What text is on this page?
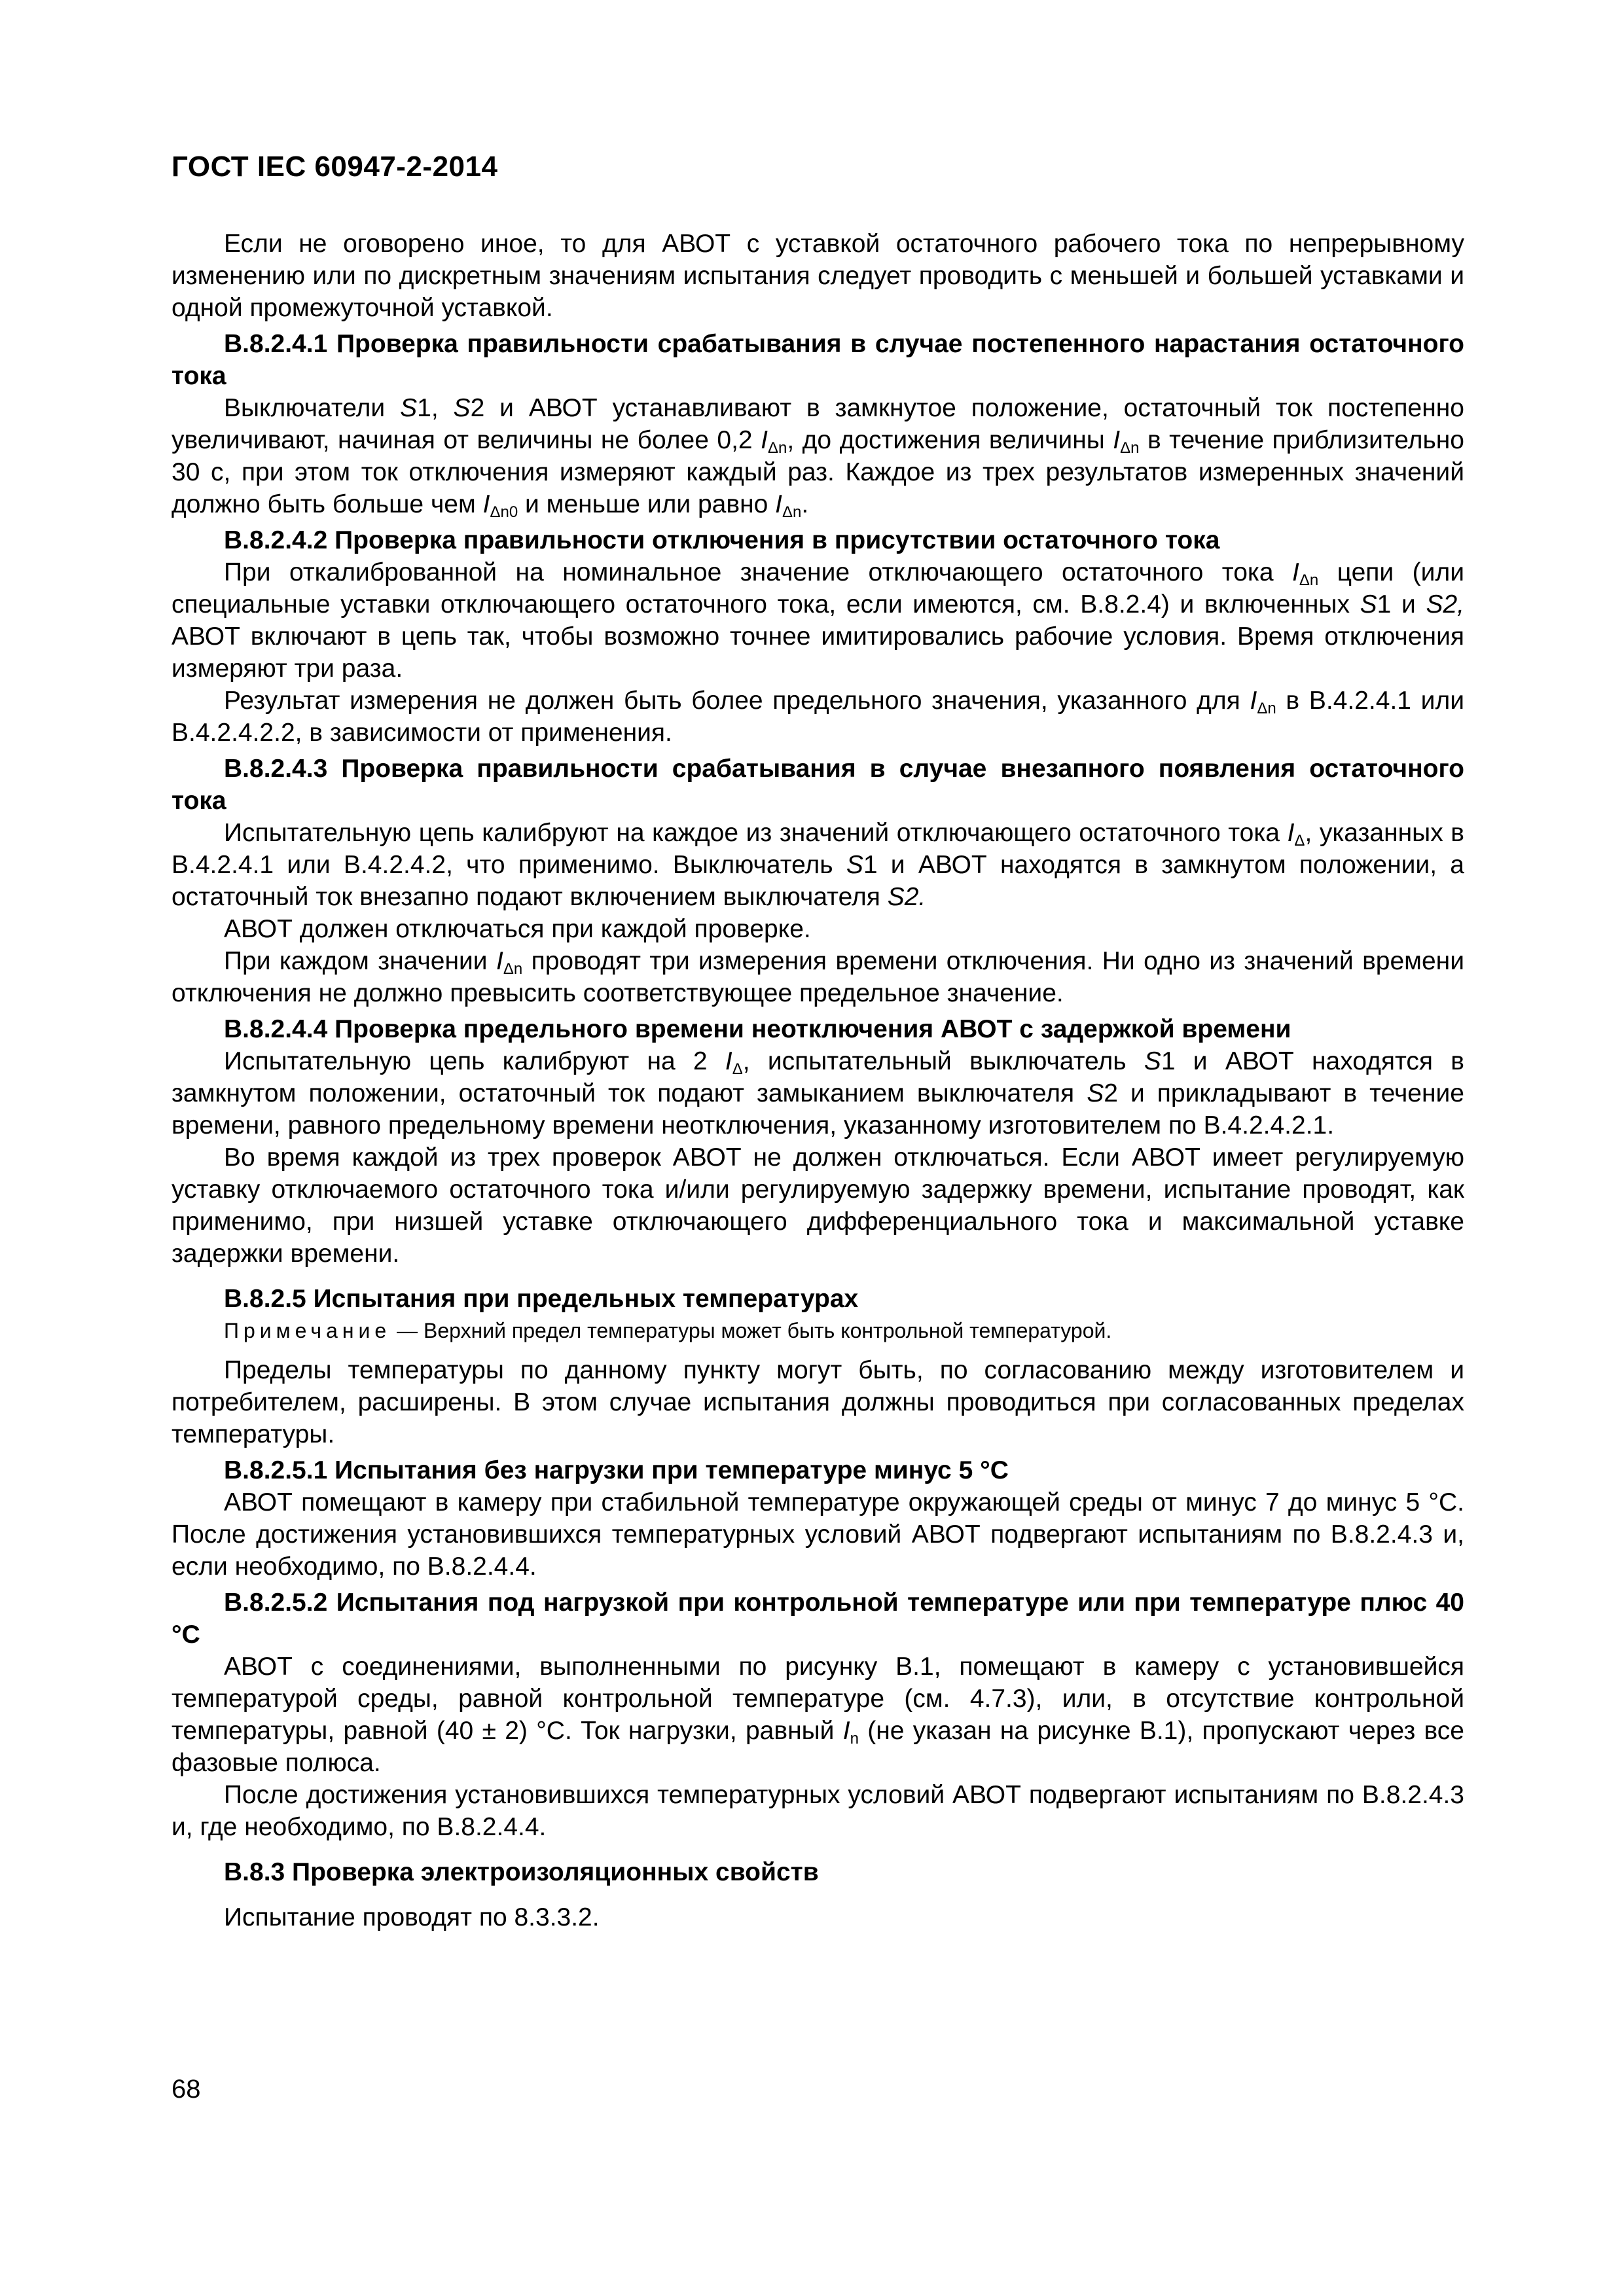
ГОСТ IEC 60947-2-2014

Если не оговорено иное, то для АВОТ с уставкой остаточного рабочего тока по непрерывному изменению или по дискретным значениям испытания следует проводить с меньшей и большей уставками и одной промежуточной уставкой.

В.8.2.4.1 Проверка правильности срабатывания в случае постепенного нарастания остаточного тока

Выключатели S1, S2 и АВОТ устанавливают в замкнутое положение, остаточный ток постепенно увеличивают, начиная от величины не более 0,2 $I_{\Delta n}$, до достижения величины $I_{\Delta n}$ в течение приблизительно 30 с, при этом ток отключения измеряют каждый раз. Каждое из трех результатов измеренных значений должно быть больше чем $I_{\Delta n0}$ и меньше или равно $I_{\Delta n}$.

В.8.2.4.2 Проверка правильности отключения в присутствии остаточного тока

При откалиброванной на номинальное значение отключающего остаточного тока $I_{\Delta n}$ цепи (или специальные уставки отключающего остаточного тока, если имеются, см. В.8.2.4) и включенных S1 и S2, АВОТ включают в цепь так, чтобы возможно точнее имитировались рабочие условия. Время отключения измеряют три раза.

Результат измерения не должен быть более предельного значения, указанного для $I_{\Delta n}$ в В.4.2.4.1 или В.4.2.4.2.2, в зависимости от применения.

В.8.2.4.3 Проверка правильности срабатывания в случае внезапного появления остаточного тока

Испытательную цепь калибруют на каждое из значений отключающего остаточного тока $I_\Delta$, указанных в В.4.2.4.1 или В.4.2.4.2, что применимо. Выключатель S1 и АВОТ находятся в замкнутом положении, а остаточный ток внезапно подают включением выключателя S2.

АВОТ должен отключаться при каждой проверке.

При каждом значении $I_{\Delta n}$ проводят три измерения времени отключения. Ни одно из значений времени отключения не должно превысить соответствующее предельное значение.

В.8.2.4.4 Проверка предельного времени неотключения АВОТ с задержкой времени

Испытательную цепь калибруют на 2 $I_\Delta$, испытательный выключатель S1 и АВОТ находятся в замкнутом положении, остаточный ток подают замыканием выключателя S2 и прикладывают в течение времени, равного предельному времени неотключения, указанному изготовителем по В.4.2.4.2.1.

Во время каждой из трех проверок АВОТ не должен отключаться. Если АВОТ имеет регулируемую уставку отключаемого остаточного тока и/или регулируемую задержку времени, испытание проводят, как применимо, при низшей уставке отключающего дифференциального тока и максимальной уставке задержки времени.

В.8.2.5 Испытания при предельных температурах

Примечание — Верхний предел температуры может быть контрольной температурой.

Пределы температуры по данному пункту могут быть, по согласованию между изготовителем и потребителем, расширены. В этом случае испытания должны проводиться при согласованных пределах температуры.

В.8.2.5.1 Испытания без нагрузки при температуре минус 5 °С

АВОТ помещают в камеру при стабильной температуре окружающей среды от минус 7 до минус 5 °С. После достижения установившихся температурных условий АВОТ подвергают испытаниям по В.8.2.4.3 и, если необходимо, по В.8.2.4.4.

В.8.2.5.2 Испытания под нагрузкой при контрольной температуре или при температуре плюс 40 °С

АВОТ с соединениями, выполненными по рисунку В.1, помещают в камеру с установившейся температурой среды, равной контрольной температуре (см. 4.7.3), или, в отсутствие контрольной температуры, равной (40 ± 2) °С. Ток нагрузки, равный $I_n$ (не указан на рисунке В.1), пропускают через все фазовые полюса.

После достижения установившихся температурных условий АВОТ подвергают испытаниям по В.8.2.4.3 и, где необходимо, по В.8.2.4.4.

В.8.3 Проверка электроизоляционных свойств

Испытание проводят по 8.3.3.2.

68
